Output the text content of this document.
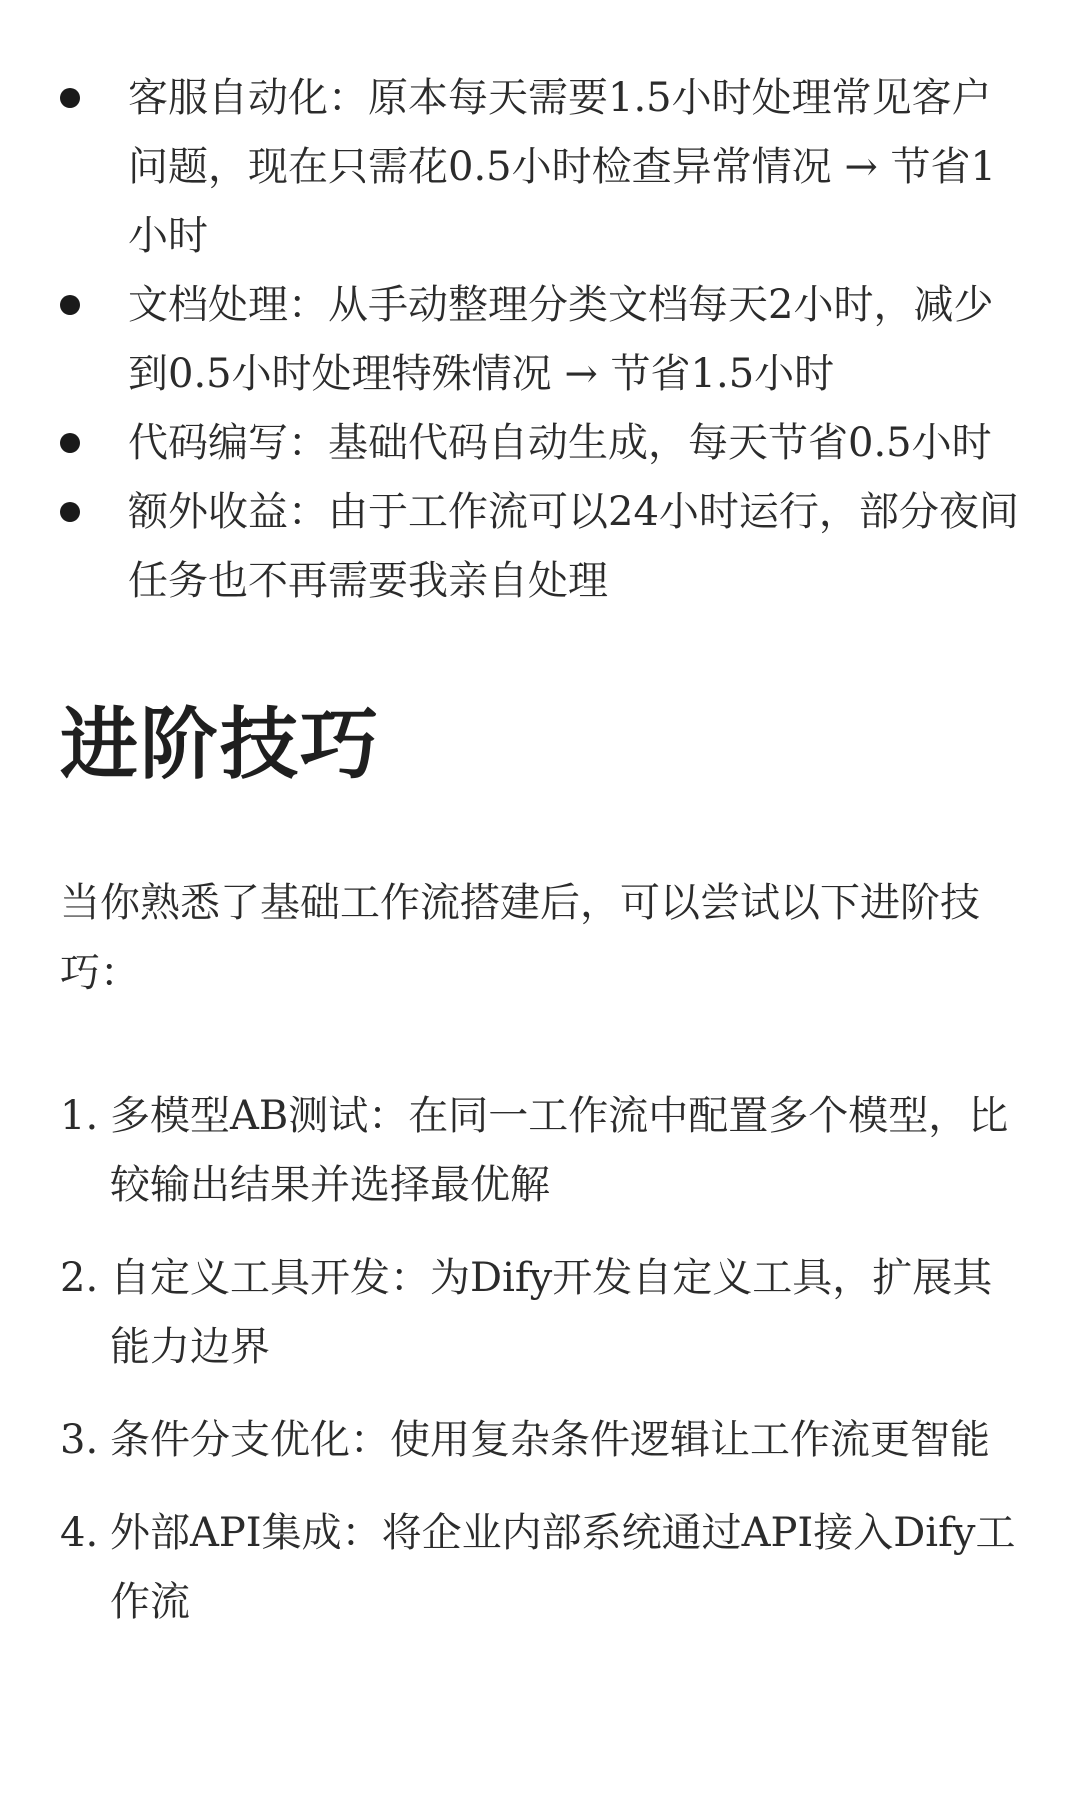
客服自动化：原本每天需要1.5小时处理常见客户问题，现在只需花0.5小时检查异常情况 → 节省1小时
文档处理：从手动整理分类文档每天2小时，减少到0.5小时处理特殊情况 → 节省1.5小时
代码编写：基础代码自动生成，每天节省0.5小时
额外收益：由于工作流可以24小时运行，部分夜间任务也不再需要我亲自处理
进阶技巧

当你熟悉了基础工作流搭建后，可以尝试以下进阶技巧：

1. 多模型AB测试：在同一工作流中配置多个模型，比较输出结果并选择最优解
2. 自定义工具开发：为Dify开发自定义工具，扩展其能力边界
3. 条件分支优化：使用复杂条件逻辑让工作流更智能
4. 外部API集成：将企业内部系统通过API接入Dify工作流
